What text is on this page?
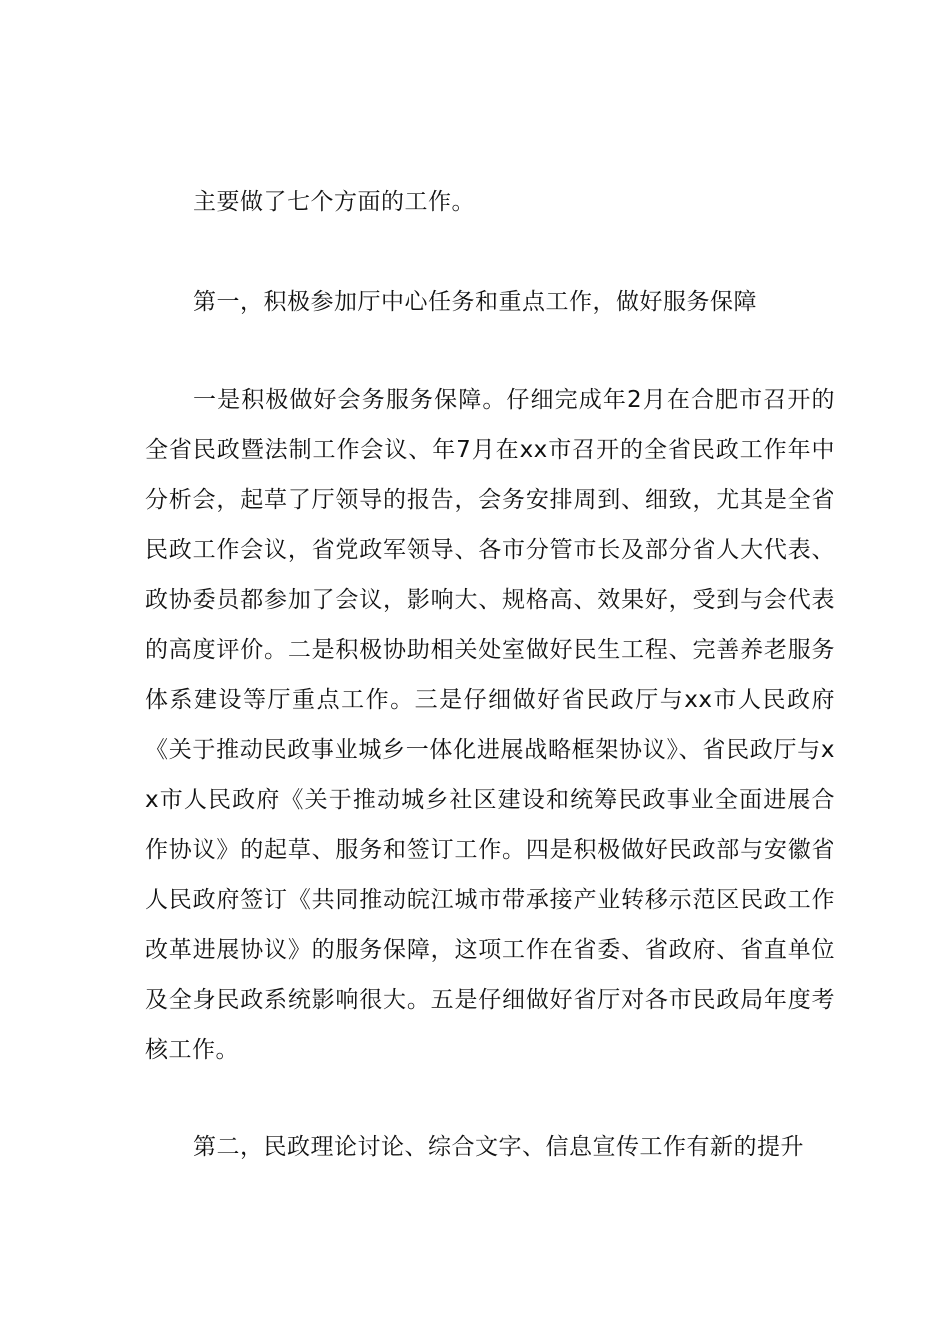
主要做了七个方面的工作。

第一，积极参加厅中心任务和重点工作，做好服务保障

一是积极做好会务服务保障。仔细完成年2月在合肥市召开的全省民政暨法制工作会议、年7月在xx市召开的全省民政工作年中分析会，起草了厅领导的报告，会务安排周到、细致，尤其是全省民政工作会议，省党政军领导、各市分管市长及部分省人大代表、政协委员都参加了会议，影响大、规格高、效果好，受到与会代表的高度评价。二是积极协助相关处室做好民生工程、完善养老服务体系建设等厅重点工作。三是仔细做好省民政厅与xx市人民政府《关于推动民政事业城乡一体化进展战略框架协议》、省民政厅与xx市人民政府《关于推动城乡社区建设和统筹民政事业全面进展合作协议》的起草、服务和签订工作。四是积极做好民政部与安徽省人民政府签订《共同推动皖江城市带承接产业转移示范区民政工作改革进展协议》的服务保障，这项工作在省委、省政府、省直单位及全身民政系统影响很大。五是仔细做好省厅对各市民政局年度考核工作。

第二，民政理论讨论、综合文字、信息宣传工作有新的提升
